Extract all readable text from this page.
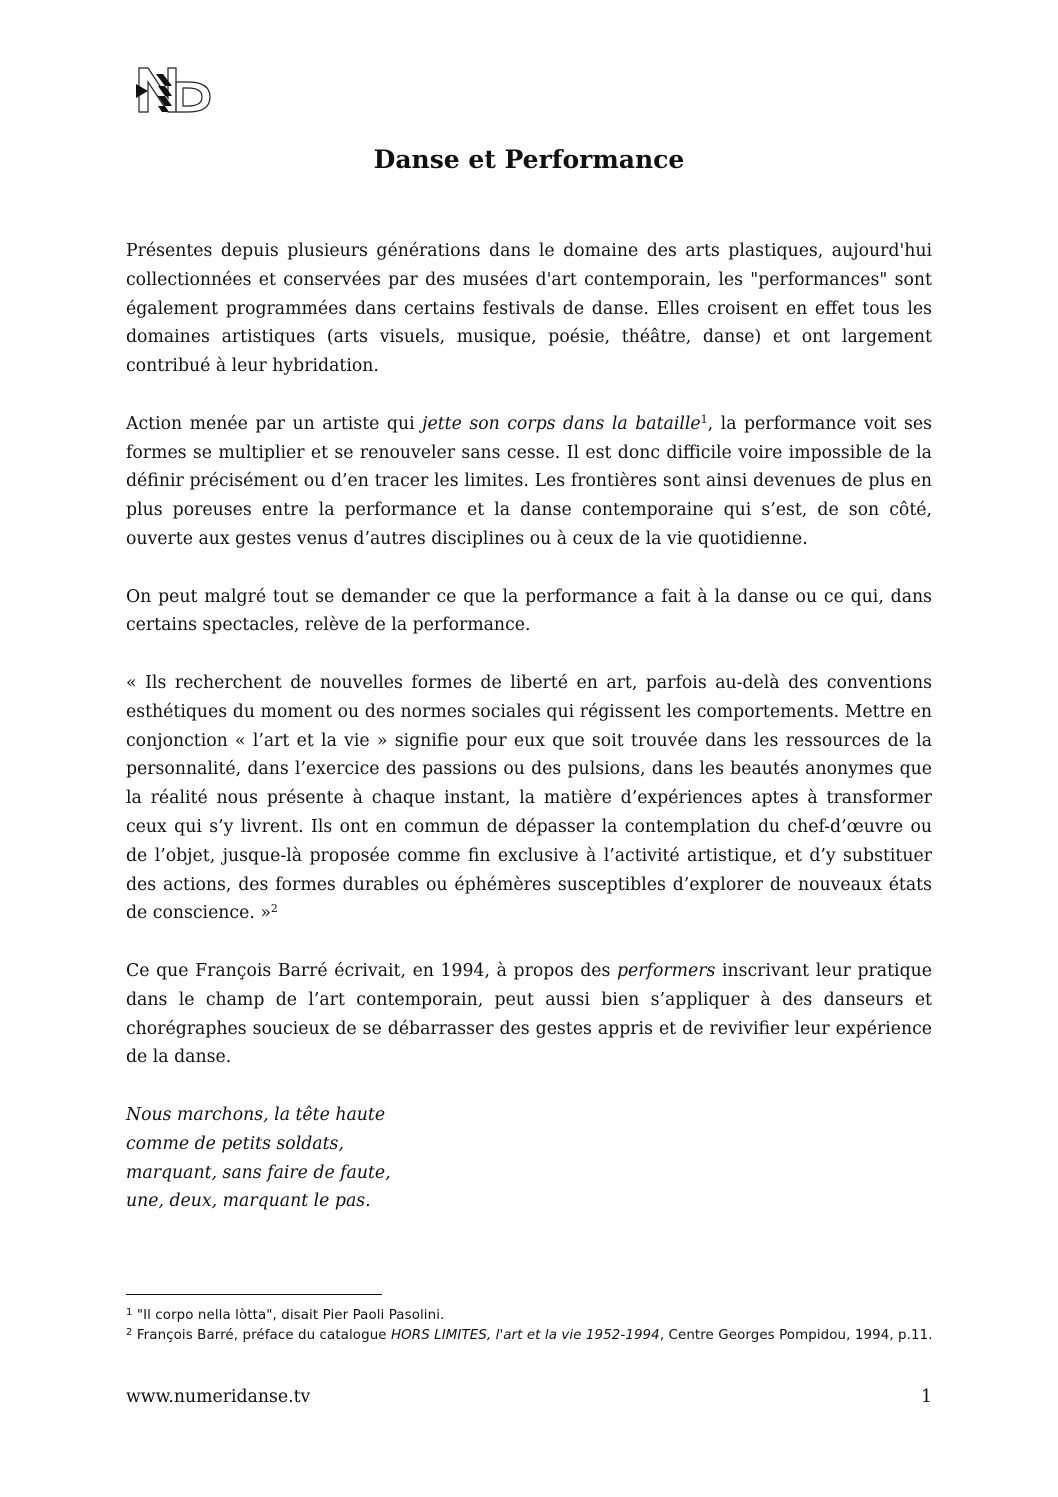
Danse et Performance

Présentes depuis plusieurs générations dans le domaine des arts plastiques, aujourd'hui collectionnées et conservées par des musées d'art contemporain, les "performances" sont également programmées dans certains festivals de danse. Elles croisent en effet tous les domaines artistiques (arts visuels, musique, poésie, théâtre, danse) et ont largement contribué à leur hybridation.

Action menée par un artiste qui jette son corps dans la bataille$^1$, la performance voit ses formes se multiplier et se renouveler sans cesse. Il est donc difficile voire impossible de la définir précisément ou d’en tracer les limites. Les frontières sont ainsi devenues de plus en plus poreuses entre la performance et la danse contemporaine qui s’est, de son côté, ouverte aux gestes venus d’autres disciplines ou à ceux de la vie quotidienne.

On peut malgré tout se demander ce que la performance a fait à la danse ou ce qui, dans certains spectacles, relève de la performance.

« Ils recherchent de nouvelles formes de liberté en art, parfois au-delà des conventions esthétiques du moment ou des normes sociales qui régissent les comportements. Mettre en conjonction « l’art et la vie » signifie pour eux que soit trouvée dans les ressources de la personnalité, dans l’exercice des passions ou des pulsions, dans les beautés anonymes que la réalité nous présente à chaque instant, la matière d’expériences aptes à transformer ceux qui s’y livrent. Ils ont en commun de dépasser la contemplation du chef-d’œuvre ou de l’objet, jusque-là proposée comme fin exclusive à l’activité artistique, et d’y substituer des actions, des formes durables ou éphémères susceptibles d’explorer de nouveaux états de conscience. »$^2$

Ce que François Barré écrivait, en 1994, à propos des performers inscrivant leur pratique dans le champ de l’art contemporain, peut aussi bien s’appliquer à des danseurs et chorégraphes soucieux de se débarrasser des gestes appris et de revivifier leur expérience de la danse.

Nous marchons, la tête haute
comme de petits soldats,
marquant, sans faire de faute,
une, deux, marquant le pas.
$^1$ "Il corpo nella lòtta", disait Pier Paoli Pasolini.
$^2$ François Barré, préface du catalogue HORS LIMITES, l'art et la vie 1952-1994, Centre Georges Pompidou, 1994, p.11.
www.numeridanse.tv	1
